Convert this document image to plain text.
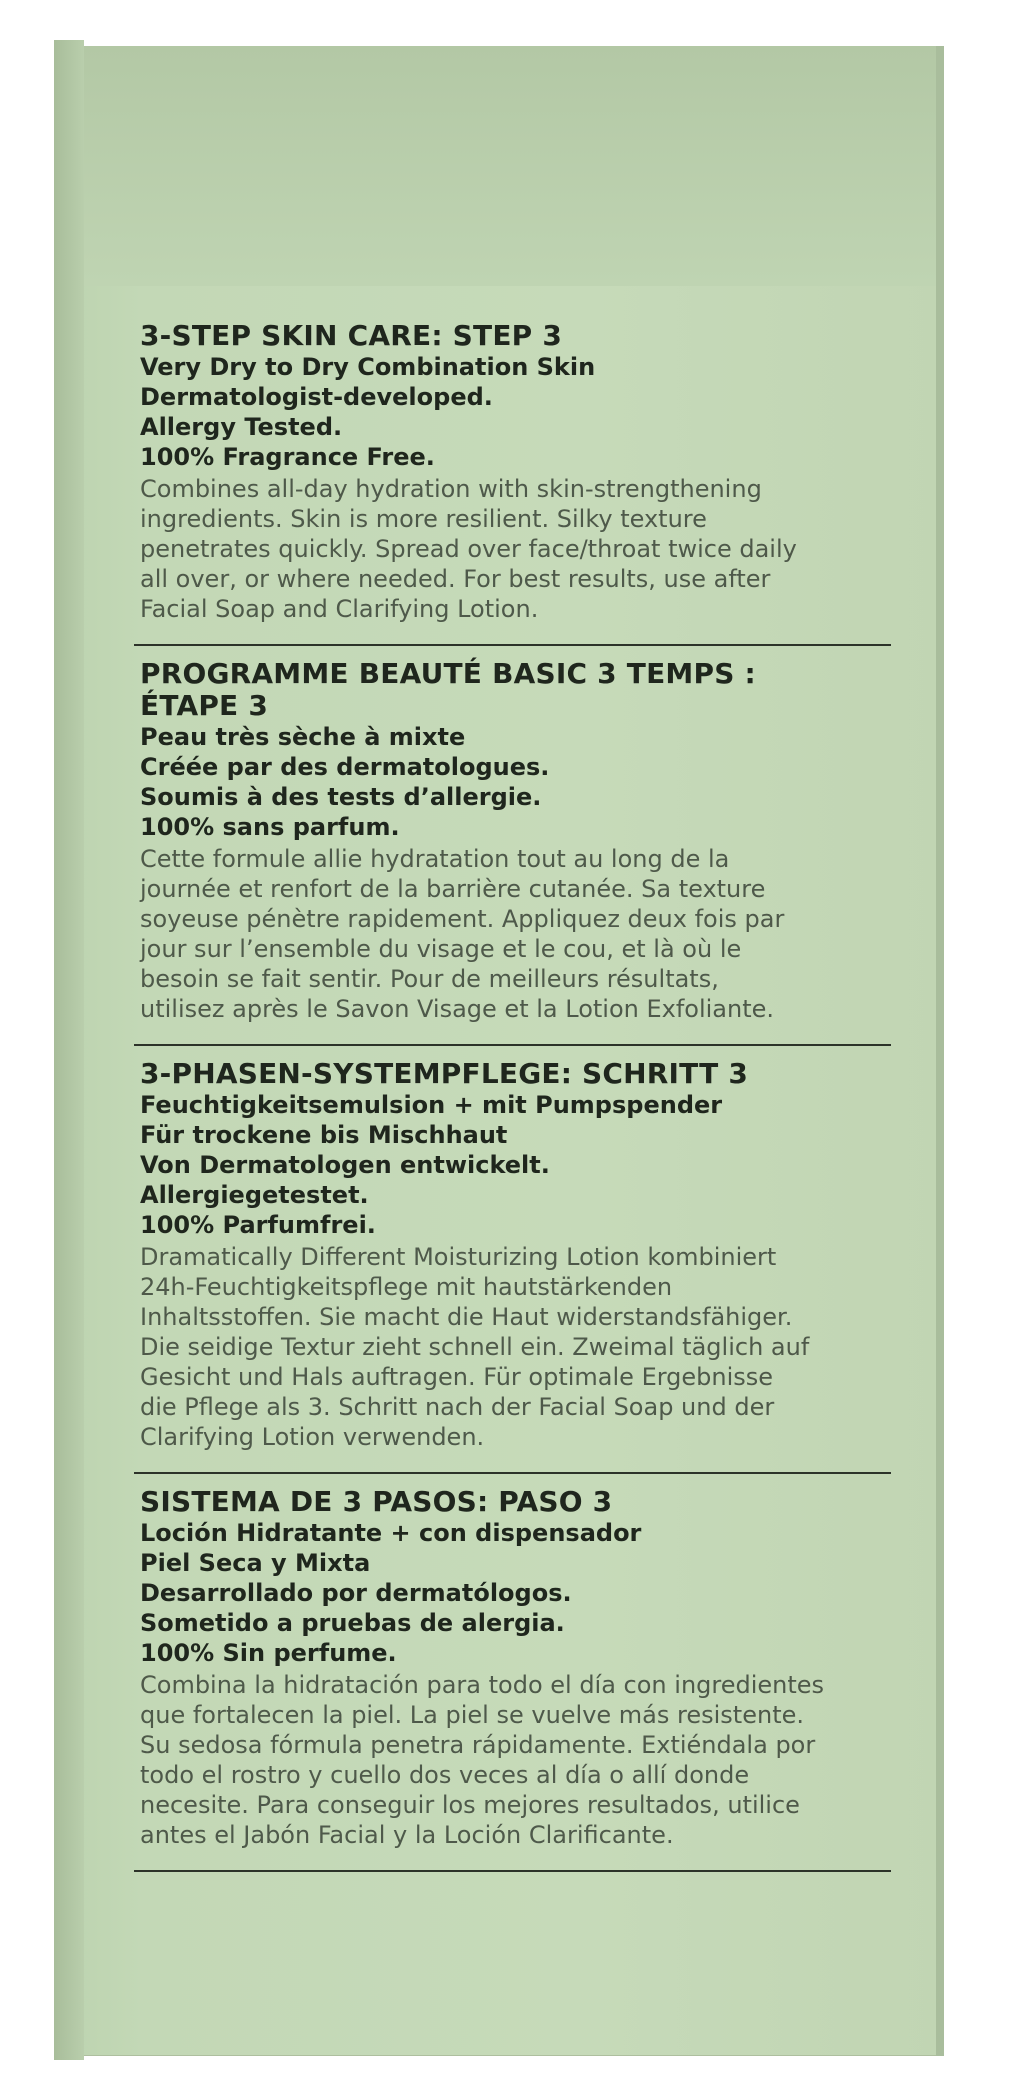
3-STEP SKIN CARE: STEP 3

Very Dry to Dry Combination Skin

Dermatologist-developed.

Allergy Tested.

100% Fragrance Free.

Combines all-day hydration with skin-strengthening
ingredients. Skin is more resilient. Silky texture
penetrates quickly. Spread over face/throat twice daily
all over, or where needed. For best results, use after
Facial Soap and Clarifying Lotion.

PROGRAMME BEAUTÉ BASIC 3 TEMPS :

ÉTAPE 3

Peau très sèche à mixte

Créée par des dermatologues.

Soumis à des tests d’allergie.

100% sans parfum.

Cette formule allie hydratation tout au long de la
journée et renfort de la barrière cutanée. Sa texture
soyeuse pénètre rapidement. Appliquez deux fois par
jour sur l’ensemble du visage et le cou, et là où le
besoin se fait sentir. Pour de meilleurs résultats,
utilisez après le Savon Visage et la Lotion Exfoliante.

3-PHASEN-SYSTEMPFLEGE: SCHRITT 3

Feuchtigkeitsemulsion + mit Pumpspender

Für trockene bis Mischhaut

Von Dermatologen entwickelt.

Allergiegetestet.

100% Parfumfrei.

Dramatically Different Moisturizing Lotion kombiniert
24h-Feuchtigkeitspflege mit hautstärkenden
Inhaltsstoffen. Sie macht die Haut widerstandsfähiger.
Die seidige Textur zieht schnell ein. Zweimal täglich auf
Gesicht und Hals auftragen. Für optimale Ergebnisse
die Pflege als 3. Schritt nach der Facial Soap und der
Clarifying Lotion verwenden.

SISTEMA DE 3 PASOS: PASO 3

Loción Hidratante + con dispensador

Piel Seca y Mixta

Desarrollado por dermatólogos.

Sometido a pruebas de alergia.

100% Sin perfume.

Combina la hidratación para todo el día con ingredientes
que fortalecen la piel. La piel se vuelve más resistente.
Su sedosa fórmula penetra rápidamente. Extiéndala por
todo el rostro y cuello dos veces al día o allí donde
necesite. Para conseguir los mejores resultados, utilice
antes el Jabón Facial y la Loción Clarificante.
